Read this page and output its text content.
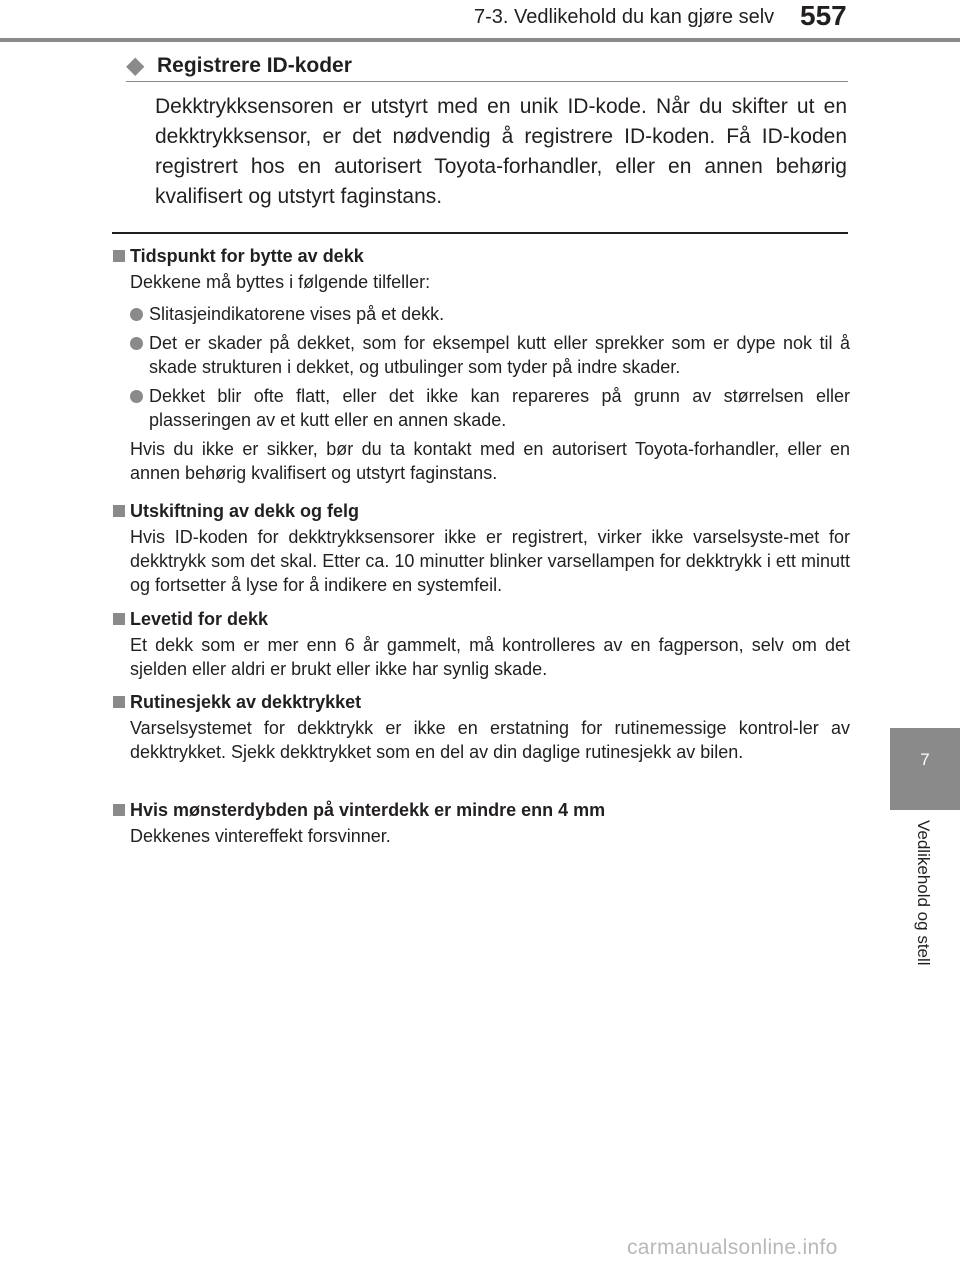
7-3. Vedlikehold du kan gjøre selv 557
7
Vedlikehold og stell
◆ Registrere ID-koder
Dekktrykksensoren er utstyrt med en unik ID-kode. Når du skifter ut en dekktrykksensor, er det nødvendig å registrere ID-koden. Få ID-koden registrert hos en autorisert Toyota-forhandler, eller en annen behørig kvalifisert og utstyrt faginstans.
Tidspunkt for bytte av dekk
Dekkene må byttes i følgende tilfeller:
Slitasjeindikatorene vises på et dekk.
Det er skader på dekket, som for eksempel kutt eller sprekker som er dype nok til å skade strukturen i dekket, og utbulinger som tyder på indre skader.
Dekket blir ofte flatt, eller det ikke kan repareres på grunn av størrelsen eller plasseringen av et kutt eller en annen skade.
Hvis du ikke er sikker, bør du ta kontakt med en autorisert Toyota-forhandler, eller en annen behørig kvalifisert og utstyrt faginstans.
Utskiftning av dekk og felg
Hvis ID-koden for dekktrykksensorer ikke er registrert, virker ikke varselsyste-met for dekktrykk som det skal. Etter ca. 10 minutter blinker varsellampen for dekktrykk i ett minutt og fortsetter å lyse for å indikere en systemfeil.
Levetid for dekk
Et dekk som er mer enn 6 år gammelt, må kontrolleres av en fagperson, selv om det sjelden eller aldri er brukt eller ikke har synlig skade.
Rutinesjekk av dekktrykket
Varselsystemet for dekktrykk er ikke en erstatning for rutinemessige kontrol-ler av dekktrykket. Sjekk dekktrykket som en del av din daglige rutinesjekk av bilen.
Hvis mønsterdybden på vinterdekk er mindre enn 4 mm
Dekkenes vintereffekt forsvinner.
carmanualsonline.info
